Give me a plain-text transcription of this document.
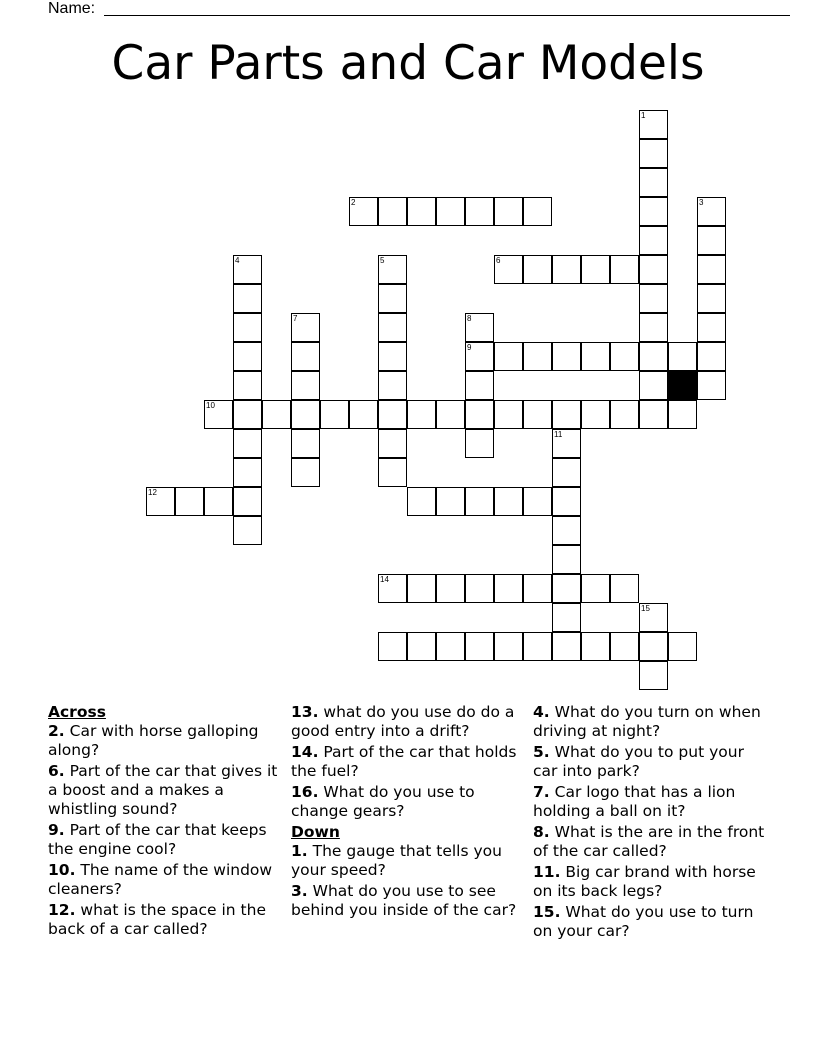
Name:
Car Parts and Car Models
1
2	3
4	5	6
7	8
9
10
11
12
14
15

Across

2. Car with horse galloping along?

6. Part of the car that gives it a boost and a makes a whistling sound?

9. Part of the car that keeps the engine cool?

10. The name of the window cleaners?

12. what is the space in the back of a car called?

13. what do you use do do a good entry into a drift?

14. Part of the car that holds the fuel?

16. What do you use to change gears?

Down

1. The gauge that tells you your speed?

3. What do you use to see behind you inside of the car?

4. What do you turn on when driving at night?

5. What do you to put your car into park?

7. Car logo that has a lion holding a ball on it?

8. What is the are in the front of the car called?

11. Big car brand with horse on its back legs?

15. What do you use to turn on your car?
